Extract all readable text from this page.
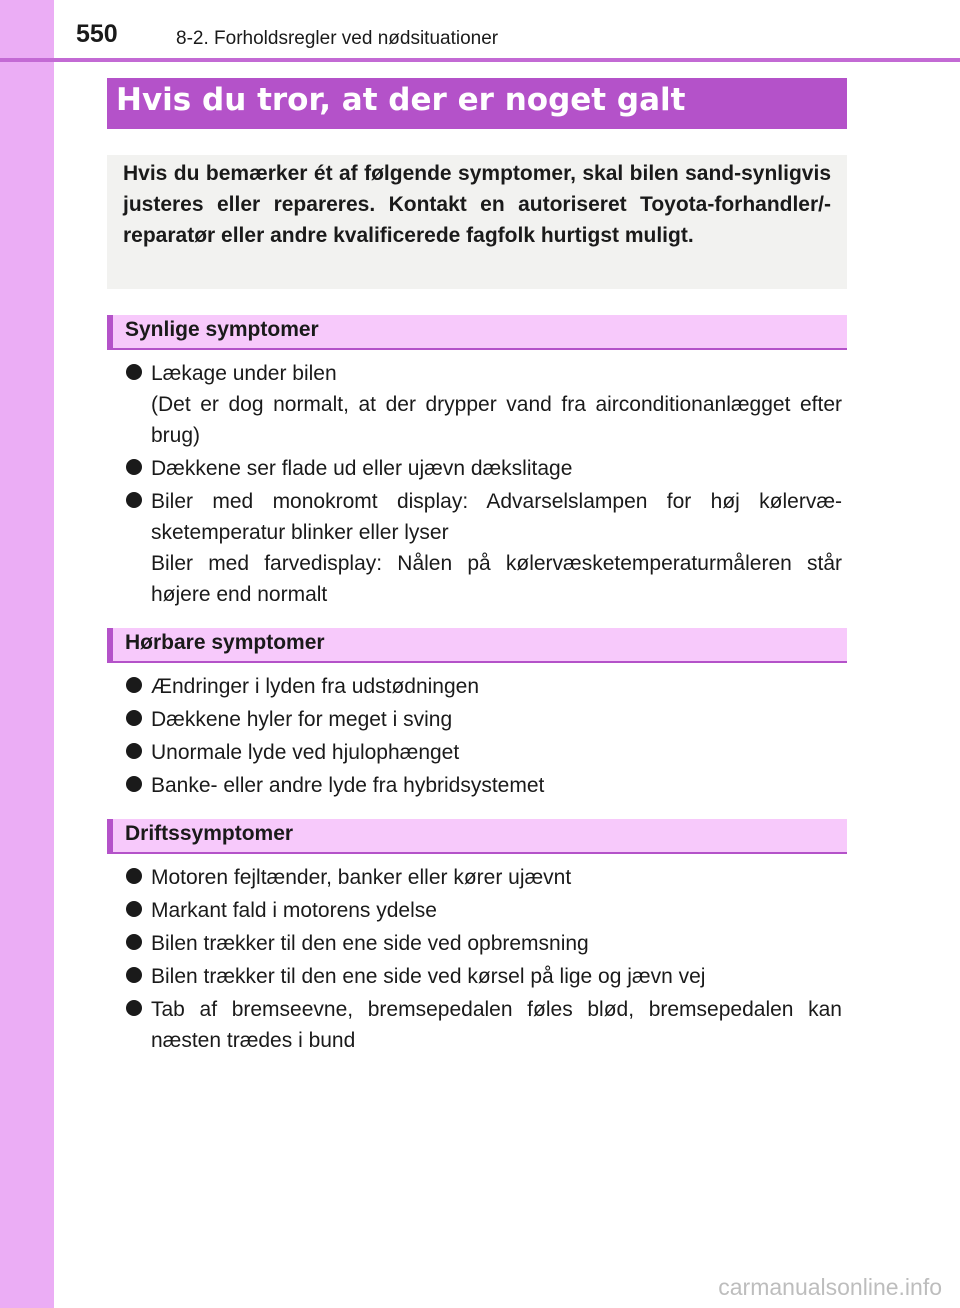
550	8-2. Forholdsregler ved nødsituationer
Hvis du tror, at der er noget galt

Hvis du bemærker ét af følgende symptomer, skal bilen sand-synligvis justeres eller repareres. Kontakt en autoriseret Toyota-forhandler/-reparatør eller andre kvalificerede fagfolk hurtigst muligt.

Synlige symptomer
Lækage under bilen
(Det er dog normalt, at der drypper vand fra airconditionanlægget efter brug)
Dækkene ser flade ud eller ujævn dækslitage
Biler med monokromt display: Advarselslampen for høj kølervæ-sketemperatur blinker eller lyser
Biler med farvedisplay: Nålen på kølervæsketemperaturmåleren står højere end normalt
Hørbare symptomer
Ændringer i lyden fra udstødningen
Dækkene hyler for meget i sving
Unormale lyde ved hjulophænget
Banke- eller andre lyde fra hybridsystemet
Driftssymptomer
Motoren fejltænder, banker eller kører ujævnt
Markant fald i motorens ydelse
Bilen trækker til den ene side ved opbremsning
Bilen trækker til den ene side ved kørsel på lige og jævn vej
Tab af bremseevne, bremsepedalen føles blød, bremsepedalen kan næsten trædes i bund
carmanualsonline.info
